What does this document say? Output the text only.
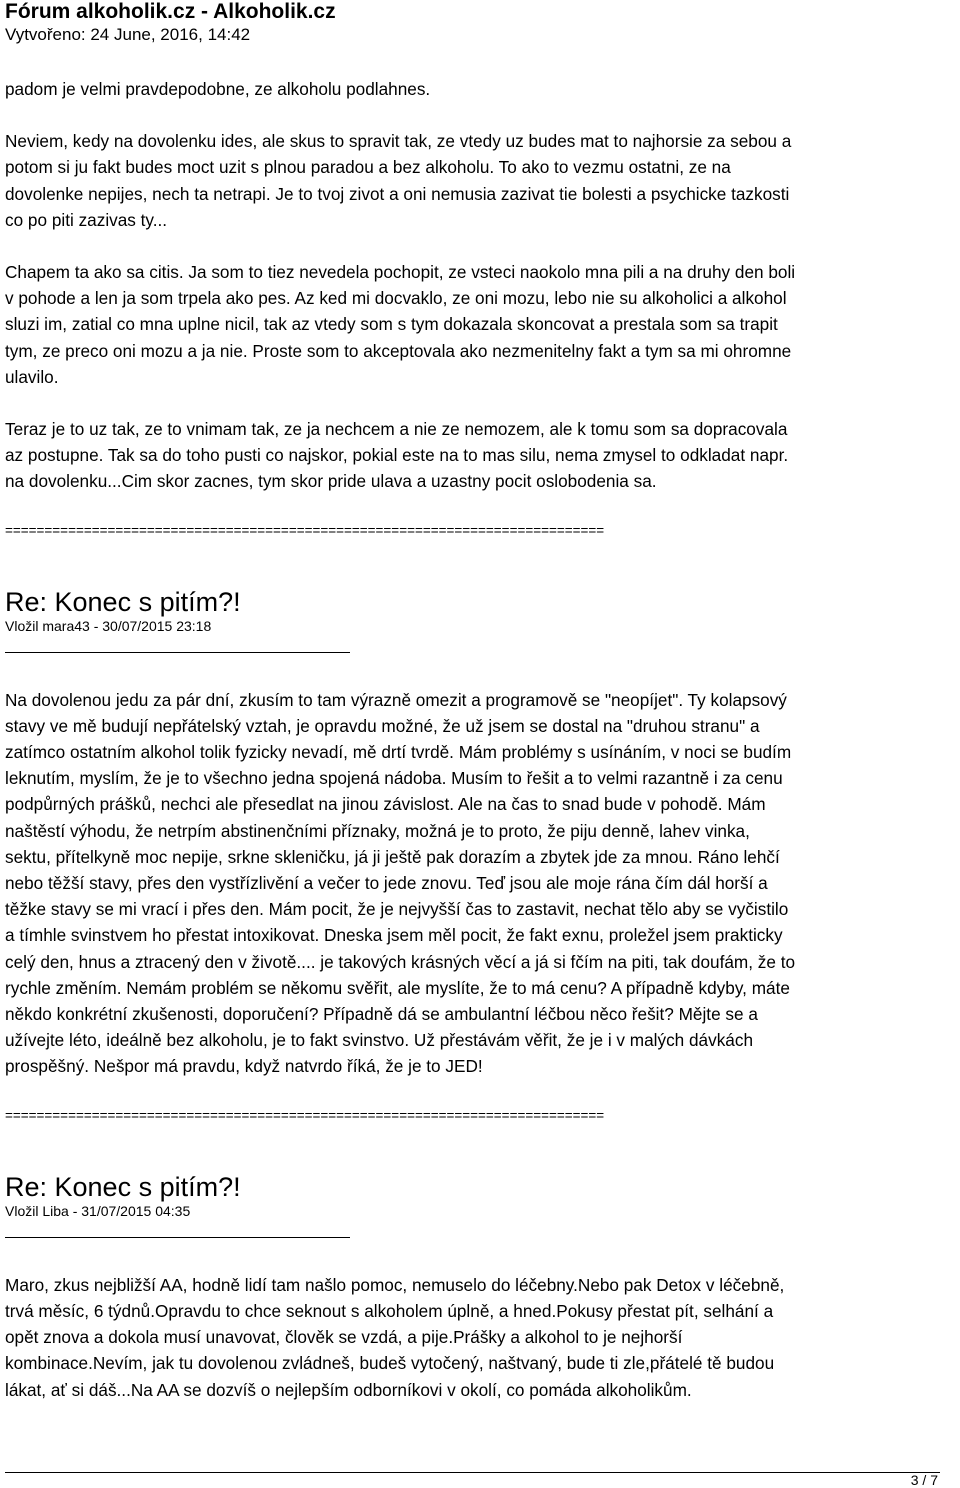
Fórum alkoholik.cz - Alkoholik.cz

Vytvořeno: 24 June, 2016, 14:42

padom je velmi pravdepodobne, ze alkoholu podlahnes.

Neviem, kedy na dovolenku ides, ale skus to spravit tak, ze vtedy uz budes mat to najhorsie za sebou a
potom si ju fakt budes moct uzit s plnou paradou a bez alkoholu. To ako to vezmu ostatni, ze na
dovolenke nepijes, nech ta netrapi. Je to tvoj zivot a oni nemusia zazivat tie bolesti a psychicke tazkosti
co po piti zazivas ty...

Chapem ta ako sa citis. Ja som to tiez nevedela pochopit, ze vsteci naokolo mna pili a na druhy den boli
v pohode a len ja som trpela ako pes. Az ked mi docvaklo, ze oni mozu, lebo nie su alkoholici a alkohol
sluzi im, zatial co mna uplne nicil, tak az vtedy som s tym dokazala skoncovat a prestala som sa trapit
tym, ze preco oni mozu a ja nie. Proste som to akceptovala ako nezmenitelny fakt a tym sa mi ohromne
ulavilo.

Teraz je to uz tak, ze to vnimam tak, ze ja nechcem a nie ze nemozem, ale k tomu som sa dopracovala
az postupne. Tak sa do toho pusti co najskor, pokial este na to mas silu, nema zmysel to odkladat napr.
na dovolenku...Cim skor zacnes, tym skor pride ulava a uzastny pocit oslobodenia sa.

============================================================================

Re: Konec s pitím?!

Vložil mara43 - 30/07/2015 23:18

Na dovolenou jedu za pár dní, zkusím to tam výrazně omezit a programově se "neopíjet". Ty kolapsový
stavy ve mě budují nepřátelský vztah, je opravdu možné, že už jsem se dostal na "druhou stranu" a
zatímco ostatním alkohol tolik fyzicky nevadí, mě drtí tvrdě. Mám problémy s usínáním, v noci se budím
leknutím, myslím, že je to všechno jedna spojená nádoba. Musím to řešit a to velmi razantně i za cenu
podpůrných prášků, nechci ale přesedlat na jinou závislost. Ale na čas to snad bude v pohodě. Mám
naštěstí výhodu, že netrpím abstinenčními příznaky, možná je to proto, že piju denně, lahev vinka,
sektu, přítelkyně moc nepije, srkne skleničku, já ji ještě pak dorazím a zbytek jde za mnou. Ráno lehčí
nebo těžší stavy, přes den vystřízlivění a večer to jede znovu. Teď jsou ale moje rána čím dál horší a
těžke stavy se mi vrací i přes den. Mám pocit, že je nejvyšší čas to zastavit, nechat tělo aby se vyčistilo
a tímhle svinstvem ho přestat intoxikovat. Dneska jsem měl pocit, že fakt exnu, proležel jsem prakticky
celý den, hnus a ztracený den v životě.... je takových krásných věcí a já si fčím na piti, tak doufám, že to
rychle změním. Nemám problém se někomu svěřit, ale myslíte, že to má cenu? A případně kdyby, máte
někdo konkrétní zkušenosti, doporučení? Případně dá se ambulantní léčbou něco řešit? Mějte se a
užívejte léto, ideálně bez alkoholu, je to fakt svinstvo. Už přestávám věřit, že je i v malých dávkách
prospěšný. Nešpor má pravdu, když natvrdo říká, že je to JED!

============================================================================

Re: Konec s pitím?!

Vložil Liba - 31/07/2015 04:35

Maro, zkus nejbližší AA, hodně lidí tam našlo pomoc, nemuselo do léčebny.Nebo pak Detox v léčebně,
trvá měsíc, 6 týdnů.Opravdu to chce seknout s alkoholem úplně, a hned.Pokusy přestat pít, selhání a
opět znova a dokola musí unavovat, člověk se vzdá, a pije.Prášky a alkohol to je nejhorší
kombinace.Nevím, jak tu dovolenou zvládneš, budeš vytočený, naštvaný, bude ti zle,přátelé tě budou
lákat, ať si dáš...Na AA se dozvíš o nejlepším odborníkovi v okolí, co pomáda alkoholikům.

3 / 7
